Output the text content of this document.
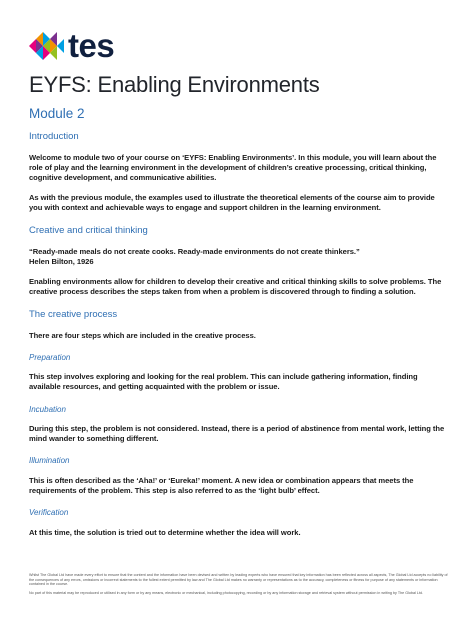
tes
EYFS: Enabling Environments
Module 2
Introduction

Welcome to module two of your course on ‘EYFS: Enabling Environments’. In this module, you will learn about the role of play and the learning environment in the development of children’s creative processing, critical thinking, cognitive development, and communicative abilities.

As with the previous module, the examples used to illustrate the theoretical elements of the course aim to provide you with context and achievable ways to engage and support children in the learning environment.

Creative and critical thinking

“Ready-made meals do not create cooks. Ready-made environments do not create thinkers.”

Helen Bilton, 1926

Enabling environments allow for children to develop their creative and critical thinking skills to solve problems. The creative process describes the steps taken from when a problem is discovered through to finding a solution.

The creative process

There are four steps which are included in the creative process.

Preparation

This step involves exploring and looking for the real problem. This can include gathering information, finding available resources, and getting acquainted with the problem or issue.

Incubation

During this step, the problem is not considered. Instead, there is a period of abstinence from mental work, letting the mind wander to something different.

Illumination

This is often described as the ‘Aha!’ or ‘Eureka!’ moment. A new idea or combination appears that meets the requirements of the problem. This step is also referred to as the ‘light bulb’ effect.

Verification

At this time, the solution is tried out to determine whether the idea will work.

Whilst The Global Ltd have made every effort to ensure that the content and the information have been devised and written by leading experts who have ensured that key information has been reflected across all aspects, The Global Ltd accepts no liability of the consequences of any errors, omissions or incorrect statements to the fullest extent permitted by law and The Global Ltd makes no warranty or representations as to the accuracy, completeness or fitness for purpose of any statements or information contained in the course.

No part of this material may be reproduced or utilised in any form or by any means, electronic or mechanical, including photocopying, recording or by any information storage and retrieval system without permission in writing by The Global Ltd.
